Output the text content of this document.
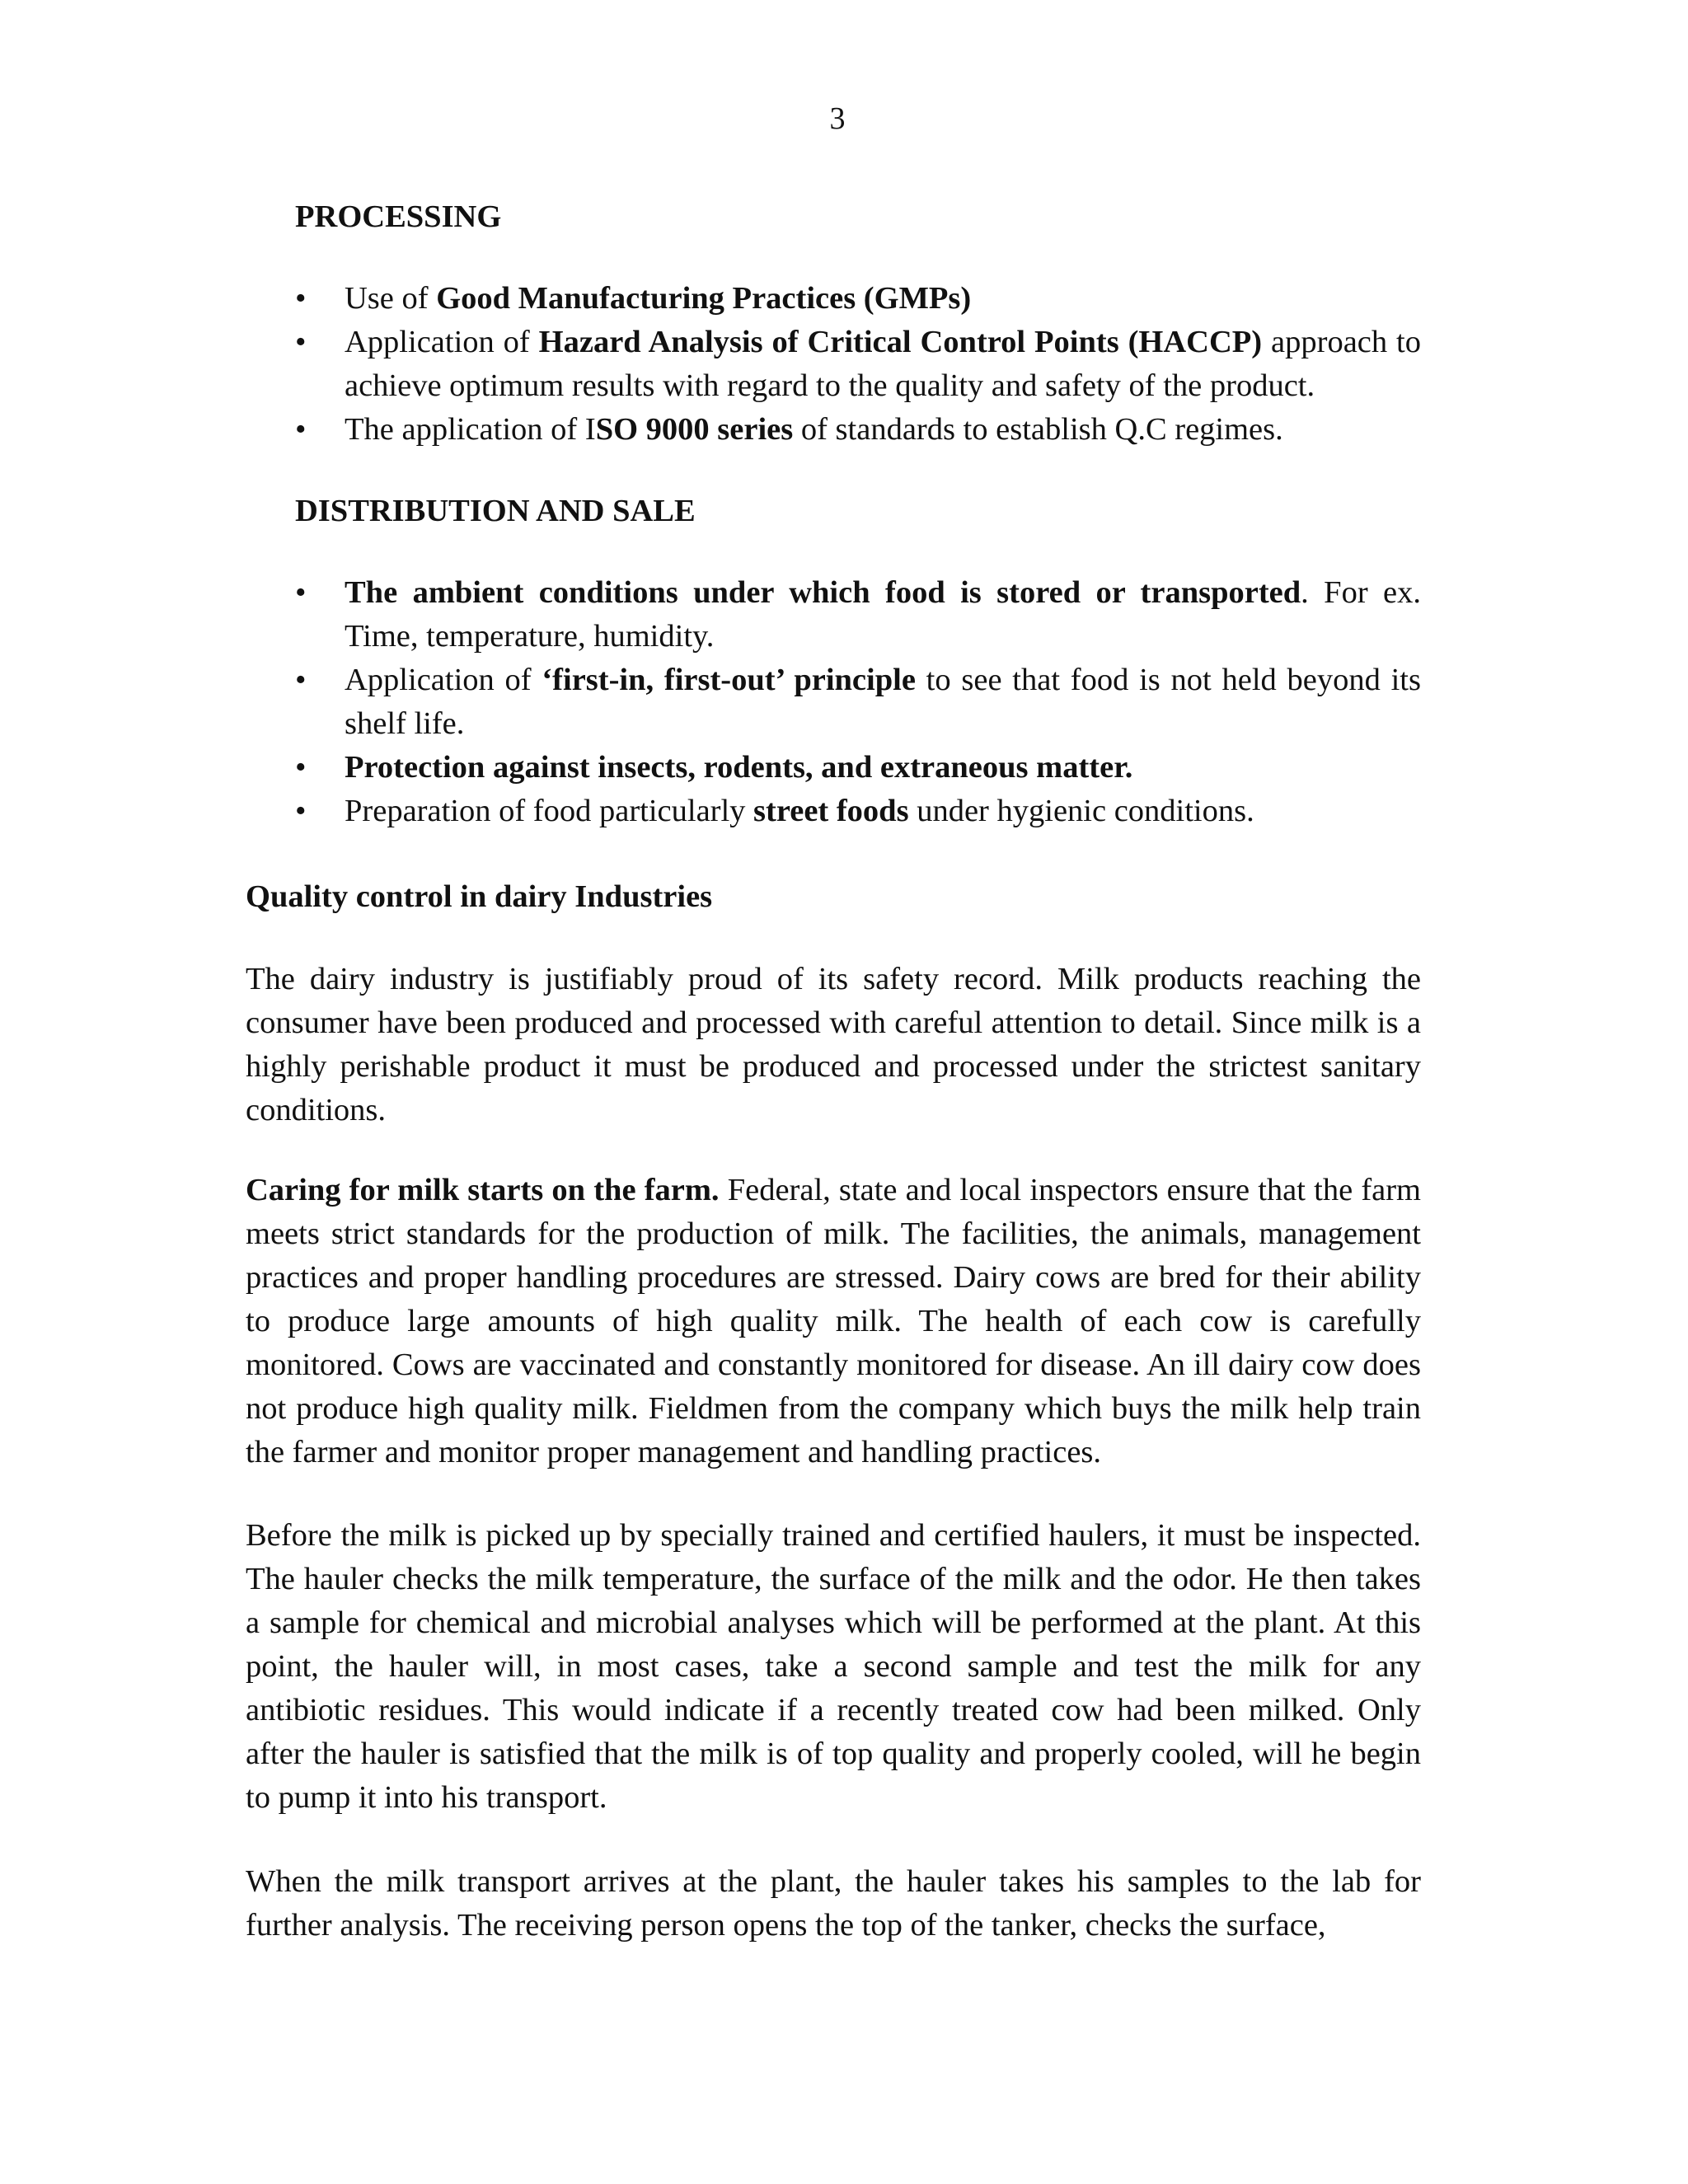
3
PROCESSING
•	Use of Good Manufacturing Practices (GMPs)
•	Application of Hazard Analysis of Critical Control Points (HACCP) approach to achieve optimum results with regard to the quality and safety of the product.
•	The application of ISO 9000 series of standards to establish Q.C regimes.
DISTRIBUTION AND SALE
•	The ambient conditions under which food is stored or transported. For ex. Time, temperature, humidity.
•	Application of ‘first-in, first-out’ principle to see that food is not held beyond its shelf life.
•	Protection against insects, rodents, and extraneous matter.
•	Preparation of food particularly street foods under hygienic conditions.
Quality control in dairy Industries

The dairy industry is justifiably proud of its safety record. Milk products reaching the consumer have been produced and processed with careful attention to detail. Since milk is a highly perishable product it must be produced and processed under the strictest sanitary conditions.

Caring for milk starts on the farm. Federal, state and local inspectors ensure that the farm meets strict standards for the production of milk. The facilities, the animals, management practices and proper handling procedures are stressed. Dairy cows are bred for their ability to produce large amounts of high quality milk. The health of each cow is carefully monitored. Cows are vaccinated and constantly monitored for disease. An ill dairy cow does not produce high quality milk. Fieldmen from the company which buys the milk help train the farmer and monitor proper management and handling practices.

Before the milk is picked up by specially trained and certified haulers, it must be inspected. The hauler checks the milk temperature, the surface of the milk and the odor. He then takes a sample for chemical and microbial analyses which will be performed at the plant. At this point, the hauler will, in most cases, take a second sample and test the milk for any antibiotic residues. This would indicate if a recently treated cow had been milked. Only after the hauler is satisfied that the milk is of top quality and properly cooled, will he begin to pump it into his transport.

When the milk transport arrives at the plant, the hauler takes his samples to the lab for further analysis. The receiving person opens the top of the tanker, checks the surface,
